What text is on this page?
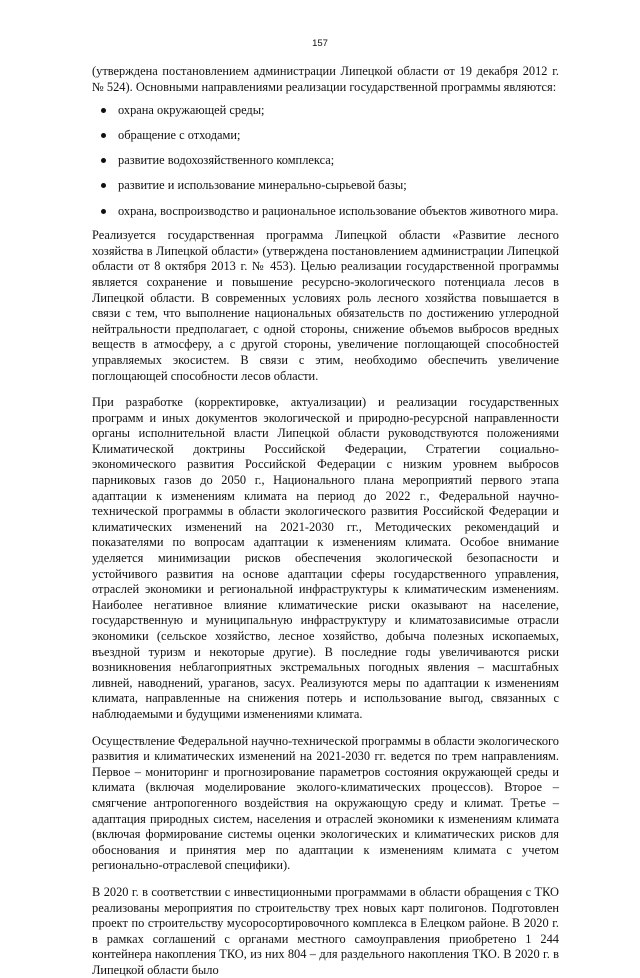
157

(утверждена постановлением администрации Липецкой области от 19 декабря 2012 г. № 524). Основными направлениями реализации государственной программы являются:

охрана окружающей среды;
обращение с отходами;
развитие водохозяйственного комплекса;
развитие и использование минерально-сырьевой базы;
охрана, воспроизводство и рациональное использование объектов животного мира.

Реализуется государственная программа Липецкой области «Развитие лесного хозяйства в Липецкой области» (утверждена постановлением администрации Липецкой области от 8 октября 2013 г. № 453). Целью реализации государственной программы является сохранение и повышение ресурсно-экологического потенциала лесов в Липецкой области. В современных условиях роль лесного хозяйства повышается в связи с тем, что выполнение национальных обязательств по достижению углеродной нейтральности предполагает, с одной стороны, снижение объемов выбросов вредных веществ в атмосферу, а с другой стороны, увеличение поглощающей способностей управляемых экосистем. В связи с этим, необходимо обеспечить увеличение поглощающей способности лесов области.

При разработке (корректировке, актуализации) и реализации государственных программ и иных документов экологической и природно-ресурсной направленности органы исполнительной власти Липецкой области руководствуются положениями Климатической доктрины Российской Федерации, Стратегии социально-экономического развития Российской Федерации с низким уровнем выбросов парниковых газов до 2050 г., Национального плана мероприятий первого этапа адаптации к изменениям климата на период до 2022 г., Федеральной научно-технической программы в области экологического развития Российской Федерации и климатических изменений на 2021-2030 гг., Методических рекомендаций и показателями по вопросам адаптации к изменениям климата. Особое внимание уделяется минимизации рисков обеспечения экологической безопасности и устойчивого развития на основе адаптации сферы государственного управления, отраслей экономики и региональной инфраструктуры к климатическим изменениям. Наиболее негативное влияние климатические риски оказывают на население, государственную и муниципальную инфраструктуру и климатозависимые отрасли экономики (сельское хозяйство, лесное хозяйство, добыча полезных ископаемых, въездной туризм и некоторые другие). В последние годы увеличиваются риски возникновения неблагоприятных экстремальных погодных явления – масштабных ливней, наводнений, ураганов, засух. Реализуются меры по адаптации к изменениям климата, направленные на снижения потерь и использование выгод, связанных с наблюдаемыми и будущими изменениями климата.

Осуществление Федеральной научно-технической программы в области экологического развития и климатических изменений на 2021-2030 гг. ведется по трем направлениям. Первое – мониторинг и прогнозирование параметров состояния окружающей среды и климата (включая моделирование эколого-климатических процессов). Второе – смягчение антропогенного воздействия на окружающую среду и климат. Третье – адаптация природных систем, населения и отраслей экономики к изменениям климата (включая формирование системы оценки экологических и климатических рисков для обоснования и принятия мер по адаптации к изменениям климата с учетом регионально-отраслевой специфики).

В 2020 г. в соответствии с инвестиционными программами в области обращения с ТКО реализованы мероприятия по строительству трех новых карт полигонов. Подготовлен проект по строительству мусоросортировочного комплекса в Елецком районе. В 2020 г. в рамках соглашений с органами местного самоуправления приобретено 1 244 контейнера накопления ТКО, из них 804 – для раздельного накопления ТКО. В 2020 г. в Липецкой области было
